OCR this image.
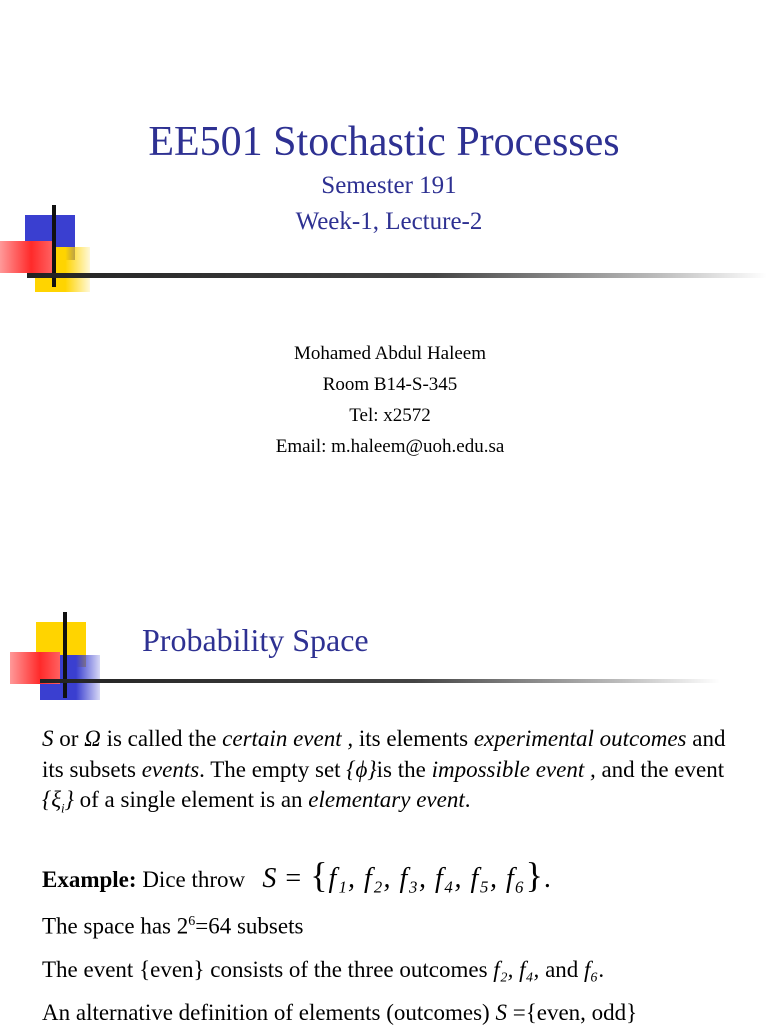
EE501 Stochastic Processes
Semester 191
Week-1, Lecture-2
Mohamed Abdul Haleem
Room B14-S-345
Tel: x2572
Email: m.haleem@uoh.edu.sa
Probability Space

S or Ω is called the certain event , its elements experimental outcomes and its subsets events. The empty set {ϕ}is the impossible event , and the event $\{\xi_i\}$ of a single element is an elementary event.

Example: Dice throw S = {f₁, f₂, f₃, f₄, f₅, f₆}.

The space has $2^6=64$ subsets

The event {even} consists of the three outcomes f₂, f₄, and f₆.

An alternative definition of elements (outcomes) S ={even, odd}
